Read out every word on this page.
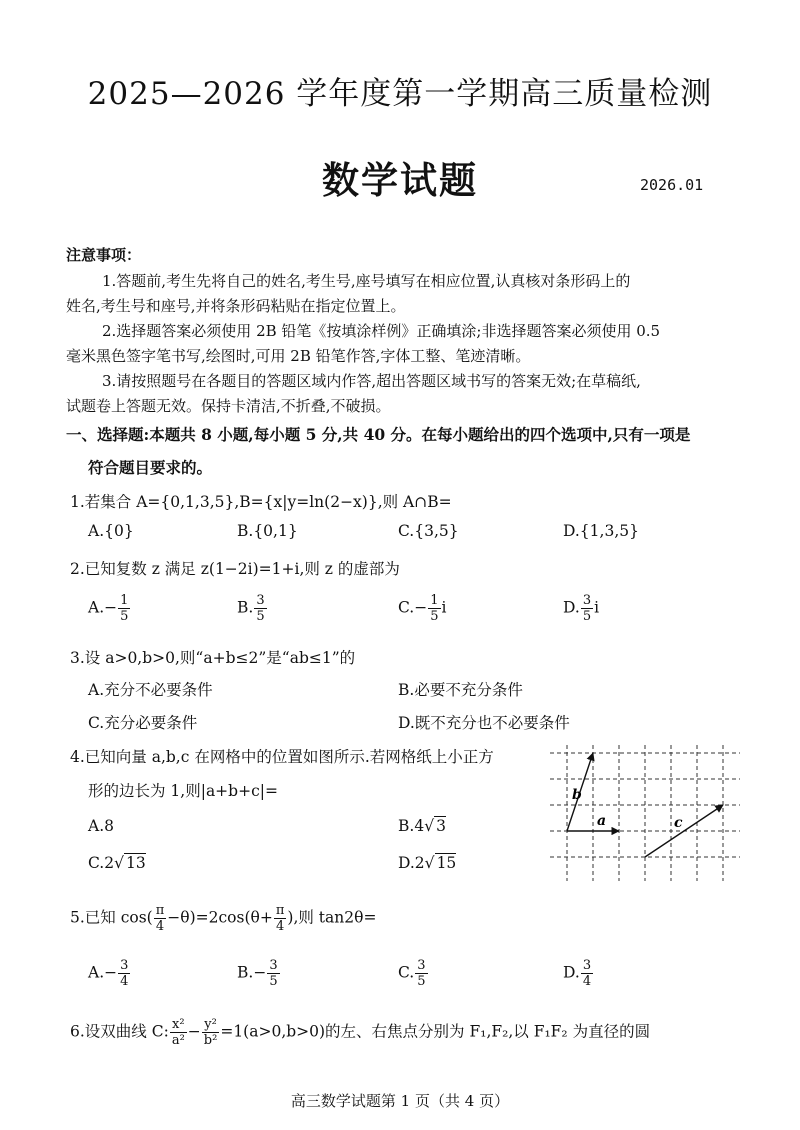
2025—2026 学年度第一学期高三质量检测
数学试题	2026.01
注意事项：
1.答题前,考生先将自己的姓名,考生号,座号填写在相应位置,认真核对条形码上的
姓名,考生号和座号,并将条形码粘贴在指定位置上。
2.选择题答案必须使用 2B 铅笔《按填涂样例》正确填涂;非选择题答案必须使用 0.5
毫米黑色签字笔书写,绘图时,可用 2B 铅笔作答,字体工整、笔迹清晰。
3.请按照题号在各题目的答题区域内作答,超出答题区域书写的答案无效;在草稿纸,
试题卷上答题无效。保持卡清洁,不折叠,不破损。
一、选择题:本题共 8 小题,每小题 5 分,共 40 分。在每小题给出的四个选项中,只有一项是
符合题目要求的。
1.若集合 A={0,1,3,5},B={x|y=ln(2−x)},则 A∩B=
A.{0}	B.{0,1}	C.{3,5}	D.{1,3,5}
2.已知复数 z 满足 z(1−2i)=1+i,则 z 的虚部为
$A.- \frac{1}{5}$	B. $\frac{3}{5}$	$C.- \frac{1}{5}$ i	D. $\frac{3}{5}$ i
3.设 a>0,b>0,则“a+b≤2”是“ab≤1”的
A.充分不必要条件	B.必要不充分条件
C.充分必要条件	D.既不充分也不必要条件
4.已知向量 a,b,c 在网格中的位置如图所示.若网格纸上小正方
形的边长为 1,则|a+b+c|=
A.8	B.4√ 3
C.2√ 13	D.2√ 15
b
a	c
5.已知 $\cos( \frac{\pi}{4} -\theta)=2\cos(\theta+ \frac{\pi}{4}$ ),则 tan2θ=
$A.- \frac{3}{4}$	$B.- \frac{3}{5}$	C. $\frac{3}{5}$	D. $\frac{3}{4}$
6.设双曲线 C: $\frac{\text{x²}}{\text{a²}} - \frac{\text{y²}}{\text{b²}} =1(a>0,b>0)$的左、右焦点分别为 F₁,F₂,以 F₁F₂ 为直径的圆
高三数学试题第 1 页（共 4 页）
